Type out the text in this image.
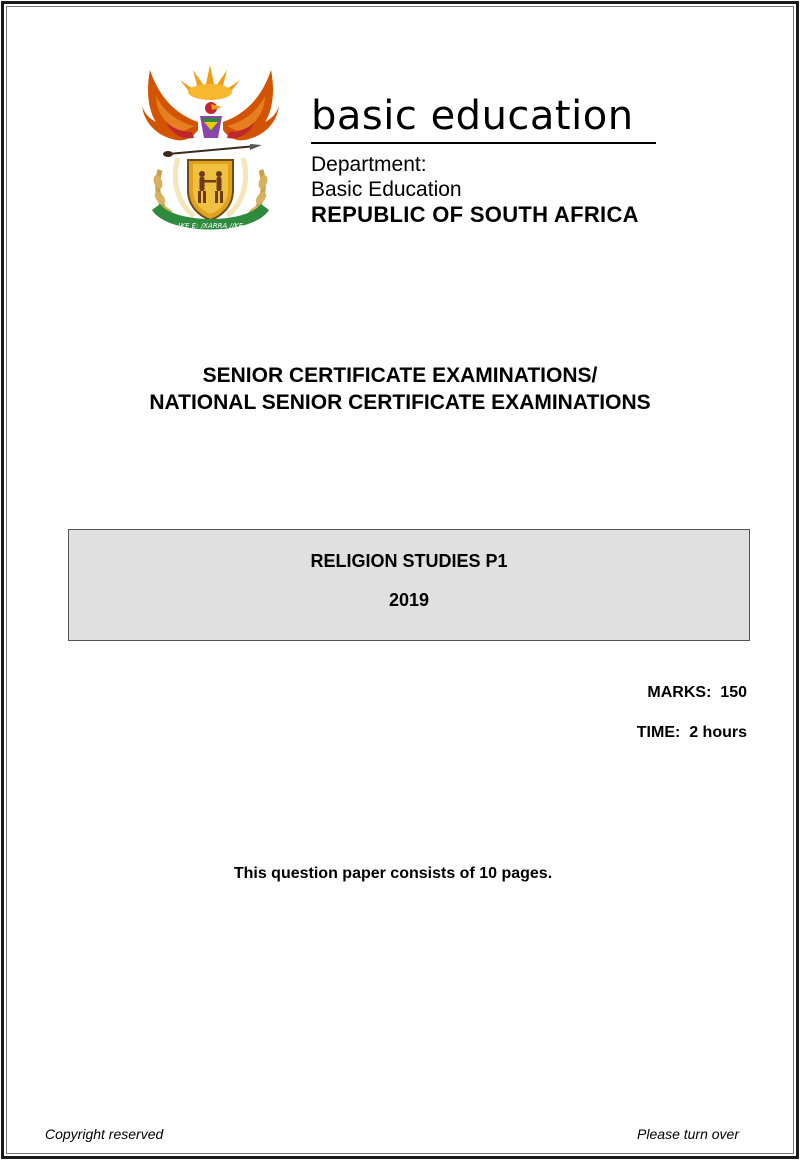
!KE E: /XARRA //KE
basic education
Department:
Basic Education
REPUBLIC OF SOUTH AFRICA
SENIOR CERTIFICATE EXAMINATIONS/
NATIONAL SENIOR CERTIFICATE EXAMINATIONS
RELIGION STUDIES P1
2019
MARKS:  150
TIME:  2 hours
This question paper consists of 10 pages.
Copyright reserved	Please turn over
